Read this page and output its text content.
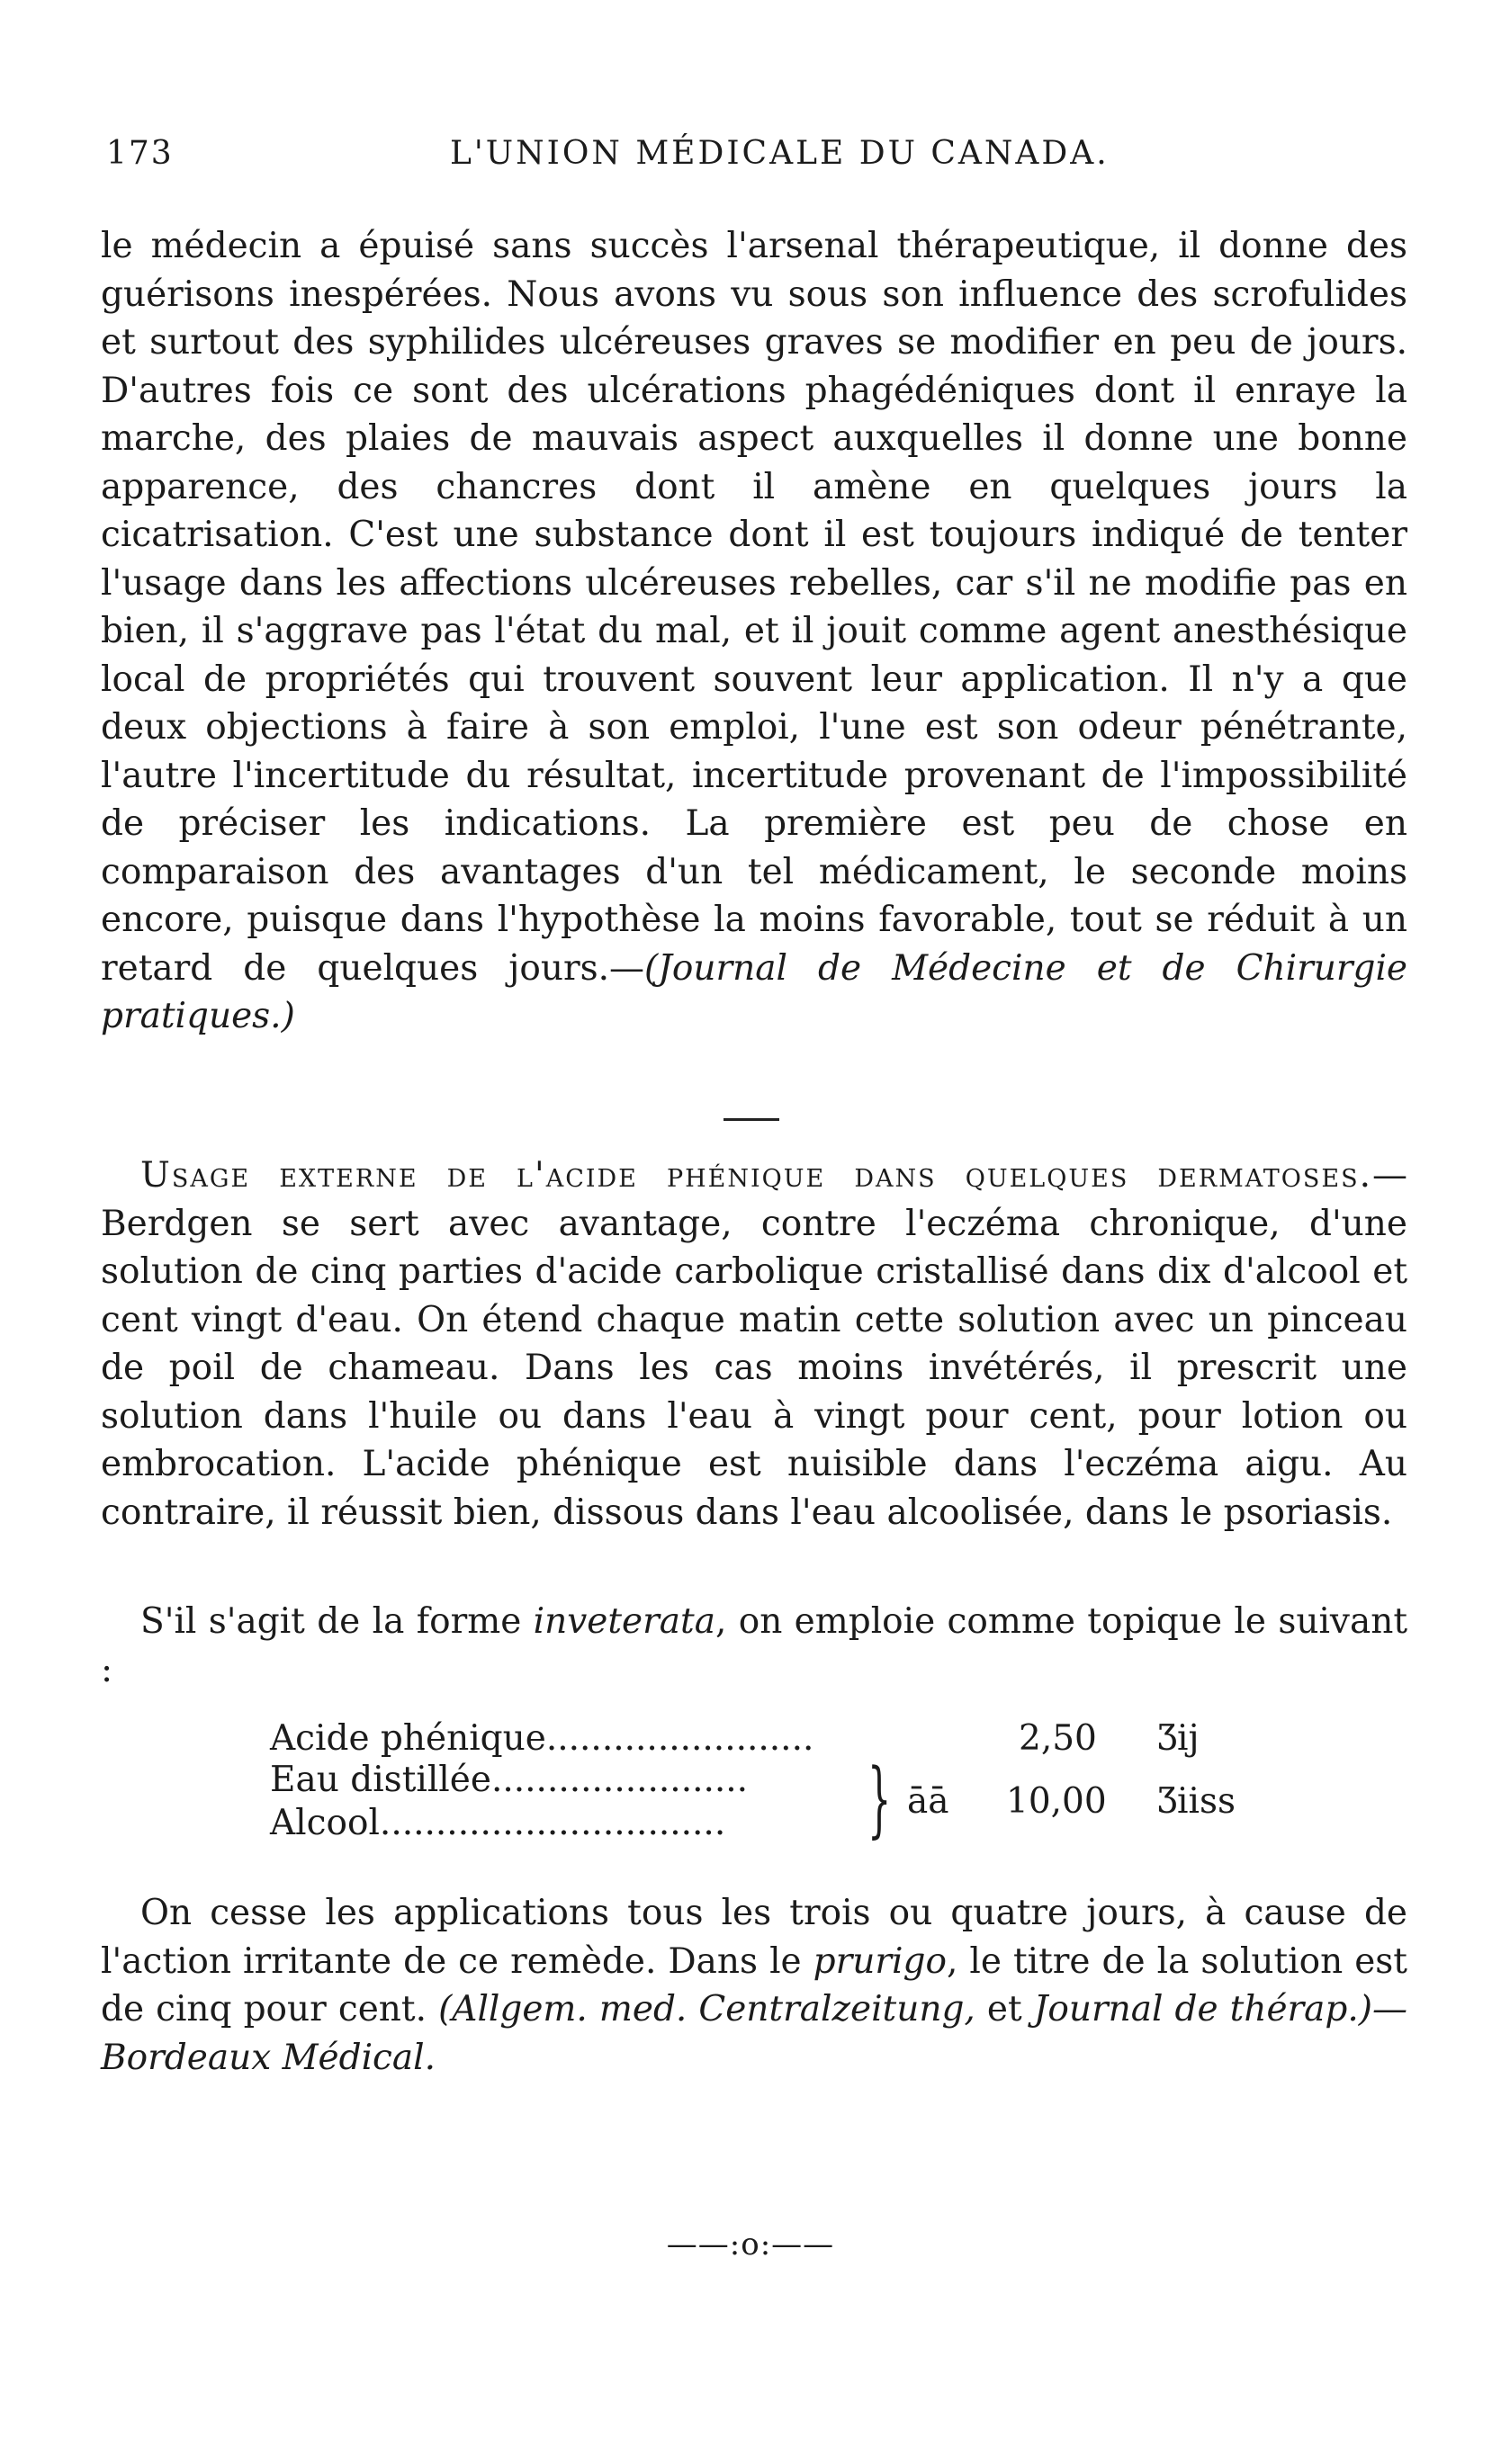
173	L'UNION MÉDICALE DU CANADA.
le médecin a épuisé sans succès l'arsenal thérapeutique, il donne des guérisons inespérées. Nous avons vu sous son influence des scrofulides et surtout des syphilides ulcéreuses graves se modifier en peu de jours. D'autres fois ce sont des ulcérations phagédéniques dont il enraye la marche, des plaies de mauvais aspect auxquelles il donne une bonne apparence, des chancres dont il amène en quelques jours la cicatrisation. C'est une substance dont il est toujours indiqué de tenter l'usage dans les affections ulcéreuses rebelles, car s'il ne modifie pas en bien, il s'aggrave pas l'état du mal, et il jouit comme agent anesthésique local de propriétés qui trouvent souvent leur application. Il n'y a que deux objections à faire à son emploi, l'une est son odeur pénétrante, l'autre l'incertitude du résultat, incertitude provenant de l'impossibilité de préciser les indications. La première est peu de chose en comparaison des avantages d'un tel médicament, le seconde moins encore, puisque dans l'hypothèse la moins favorable, tout se réduit à un retard de quelques jours.—(Journal de Médecine et de Chirurgie pratiques.)
Usage externe de l'acide phénique dans quelques dermatoses.—Berdgen se sert avec avantage, contre l'eczéma chronique, d'une solution de cinq parties d'acide carbolique cristallisé dans dix d'alcool et cent vingt d'eau. On étend chaque matin cette solution avec un pinceau de poil de chameau. Dans les cas moins invétérés, il prescrit une solution dans l'huile ou dans l'eau à vingt pour cent, pour lotion ou embrocation. L'acide phénique est nuisible dans l'eczéma aigu. Au contraire, il réussit bien, dissous dans l'eau alcoolisée, dans le psoriasis.
S'il s'agit de la forme inveterata, on emploie comme topique le suivant :
Acide phénique........................	2,50 Ʒij
Eau distillée.......................
Alcool............................... } āā 10,00 Ʒiiss
On cesse les applications tous les trois ou quatre jours, à cause de l'action irritante de ce remède. Dans le prurigo, le titre de la solution est de cinq pour cent. (Allgem. med. Centralzeitung, et Journal de thérap.)—Bordeaux Médical.
——:o:——
